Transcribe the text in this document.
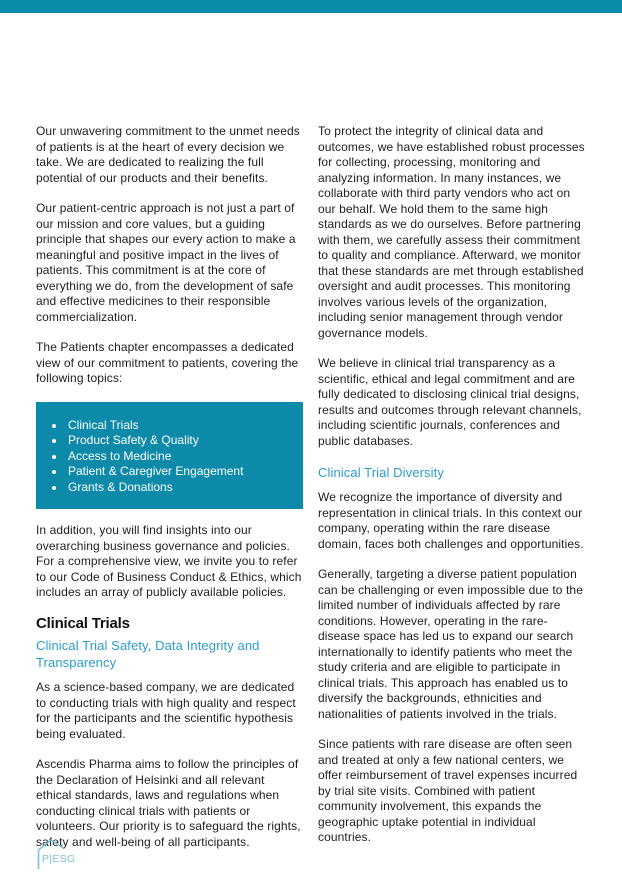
Our unwavering commitment to the unmet needs of patients is at the heart of every decision we take. We are dedicated to realizing the full potential of our products and their benefits.

Our patient-centric approach is not just a part of our mission and core values, but a guiding principle that shapes our every action to make a meaningful and positive impact in the lives of patients. This commitment is at the core of everything we do, from the development of safe and effective medicines to their responsible commercialization.

The Patients chapter encompasses a dedicated view of our commitment to patients, covering the following topics:

Clinical Trials
Product Safety & Quality
Access to Medicine
Patient & Caregiver Engagement
Grants & Donations

In addition, you will find insights into our overarching business governance and policies. For a comprehensive view, we invite you to refer to our Code of Business Conduct & Ethics, which includes an array of publicly available policies.

Clinical Trials
Clinical Trial Safety, Data Integrity and Transparency

As a science-based company, we are dedicated to conducting trials with high quality and respect for the participants and the scientific hypothesis being evaluated.

Ascendis Pharma aims to follow the principles of the Declaration of Helsinki and all relevant ethical standards, laws and regulations when conducting clinical trials with patients or volunteers. Our priority is to safeguard the rights, safety and well-being of all participants.

To protect the integrity of clinical data and outcomes, we have established robust processes for collecting, processing, monitoring and analyzing information. In many instances, we collaborate with third party vendors who act on our behalf. We hold them to the same high standards as we do ourselves. Before partnering with them, we carefully assess their commitment to quality and compliance. Afterward, we monitor that these standards are met through established oversight and audit processes. This monitoring involves various levels of the organization, including senior management through vendor governance models.

We believe in clinical trial transparency as a scientific, ethical and legal commitment and are fully dedicated to disclosing clinical trial designs, results and outcomes through relevant channels, including scientific journals, conferences and public databases.

Clinical Trial Diversity

We recognize the importance of diversity and representation in clinical trials. In this context our company, operating within the rare disease domain, faces both challenges and opportunities.

Generally, targeting a diverse patient population can be challenging or even impossible due to the limited number of individuals affected by rare conditions. However, operating in the rare-disease space has led us to expand our search internationally to identify patients who meet the study criteria and are eligible to participate in clinical trials. This approach has enabled us to diversify the backgrounds, ethnicities and nationalities of patients involved in the trials.

Since patients with rare disease are often seen and treated at only a few national centers, we offer reimbursement of travel expenses incurred by trial site visits. Combined with patient community involvement, this expands the geographic uptake potential in individual countries.

P|ESG
